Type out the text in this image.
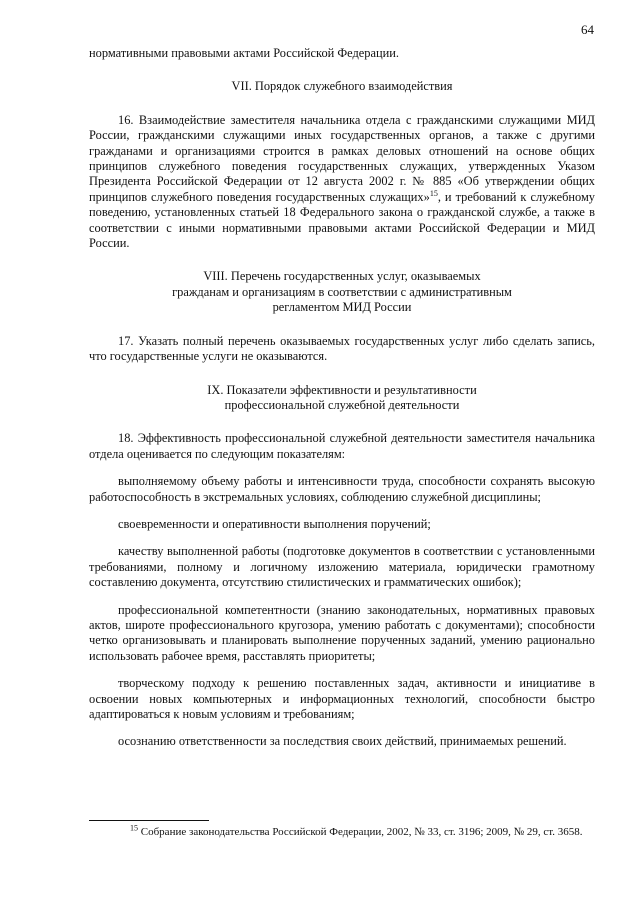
64

нормативными правовыми актами Российской Федерации.

VII. Порядок служебного взаимодействия

16. Взаимодействие заместителя начальника отдела с гражданскими служащими МИД России, гражданскими служащими иных государственных органов, а также с другими гражданами и организациями строится в рамках деловых отношений на основе общих принципов служебного поведения государственных служащих, утвержденных Указом Президента Российской Федерации от 12 августа 2002 г. № 885 «Об утверждении общих принципов служебного поведения государственных служащих»$^{15}$, и требований к служебному поведению, установленных статьей 18 Федерального закона о гражданской службе, а также в соответствии с иными нормативными правовыми актами Российской Федерации и МИД России.

VIII. Перечень государственных услуг, оказываемых
гражданам и организациям в соответствии с административным
регламентом МИД России

17. Указать полный перечень оказываемых государственных услуг либо сделать запись, что государственные услуги не оказываются.

IX. Показатели эффективности и результативности
профессиональной служебной деятельности

18. Эффективность профессиональной служебной деятельности заместителя начальника отдела оценивается по следующим показателям:

выполняемому объему работы и интенсивности труда, способности сохранять высокую работоспособность в экстремальных условиях, соблюдению служебной дисциплины;

своевременности и оперативности выполнения поручений;

качеству выполненной работы (подготовке документов в соответствии с установленными требованиями, полному и логичному изложению материала, юридически грамотному составлению документа, отсутствию стилистических и грамматических ошибок);

профессиональной компетентности (знанию законодательных, нормативных правовых актов, широте профессионального кругозора, умению работать с документами); способности четко организовывать и планировать выполнение порученных заданий, умению рационально использовать рабочее время, расставлять приоритеты;

творческому подходу к решению поставленных задач, активности и инициативе в освоении новых компьютерных и информационных технологий, способности быстро адаптироваться к новым условиям и требованиям;

осознанию ответственности за последствия своих действий, принимаемых решений.

$^{15}$ Собрание законодательства Российской Федерации, 2002, № 33, ст. 3196; 2009, № 29, ст. 3658.
